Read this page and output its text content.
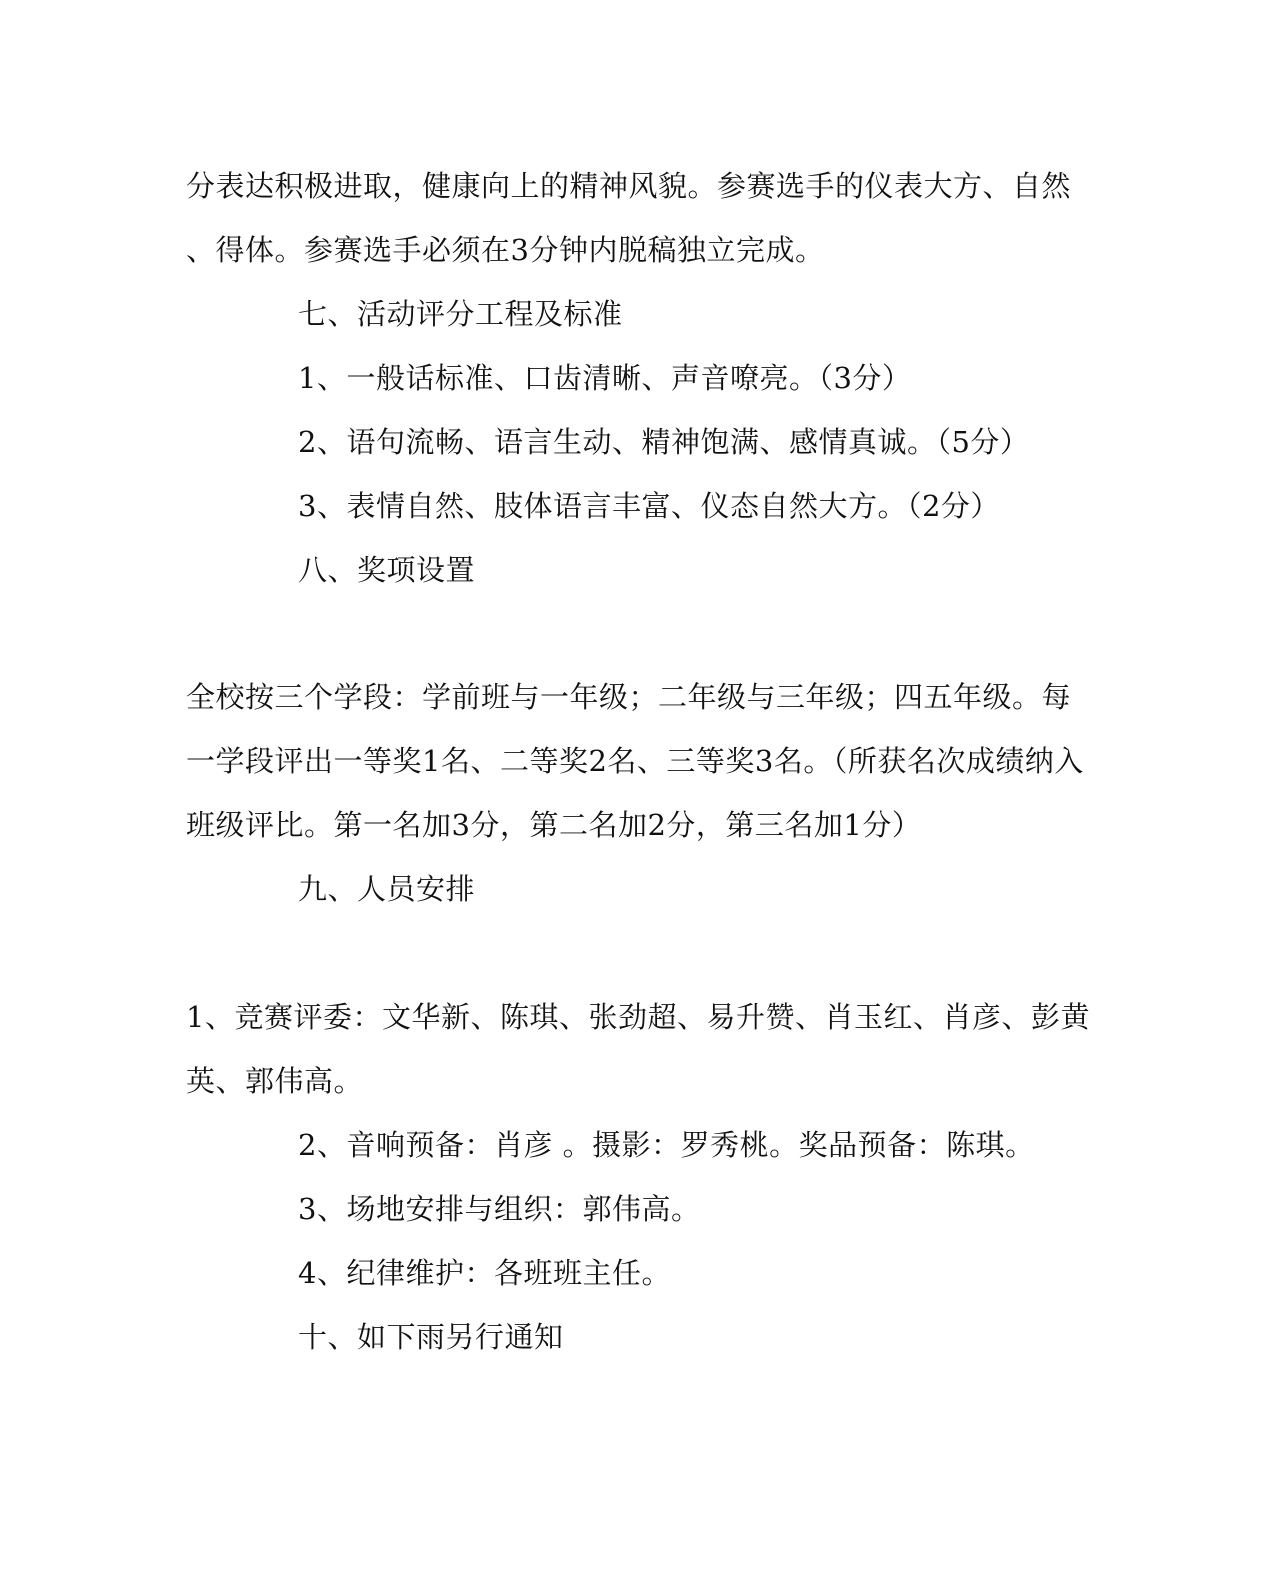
分表达积极进取，健康向上的精神风貌。参赛选手的仪表大方、自然
、得体。参赛选手必须在3分钟内脱稿独立完成。
七、活动评分工程及标准
1、一般话标准、口齿清晰、声音嘹亮。（3分）
2、语句流畅、语言生动、精神饱满、感情真诚。（5分）
3、表情自然、肢体语言丰富、仪态自然大方。（2分）
八、奖项设置
全校按三个学段：学前班与一年级；二年级与三年级；四五年级。每
一学段评出一等奖1名、二等奖2名、三等奖3名。（所获名次成绩纳入
班级评比。第一名加3分，第二名加2分，第三名加1分）
九、人员安排
1、竞赛评委：文华新、陈琪、张劲超、易升赞、肖玉红、肖彦、彭黄
英、郭伟高。
2、音响预备：肖彦 。摄影：罗秀桃。奖品预备：陈琪。
3、场地安排与组织：郭伟高。
4、纪律维护：各班班主任。
十、如下雨另行通知
